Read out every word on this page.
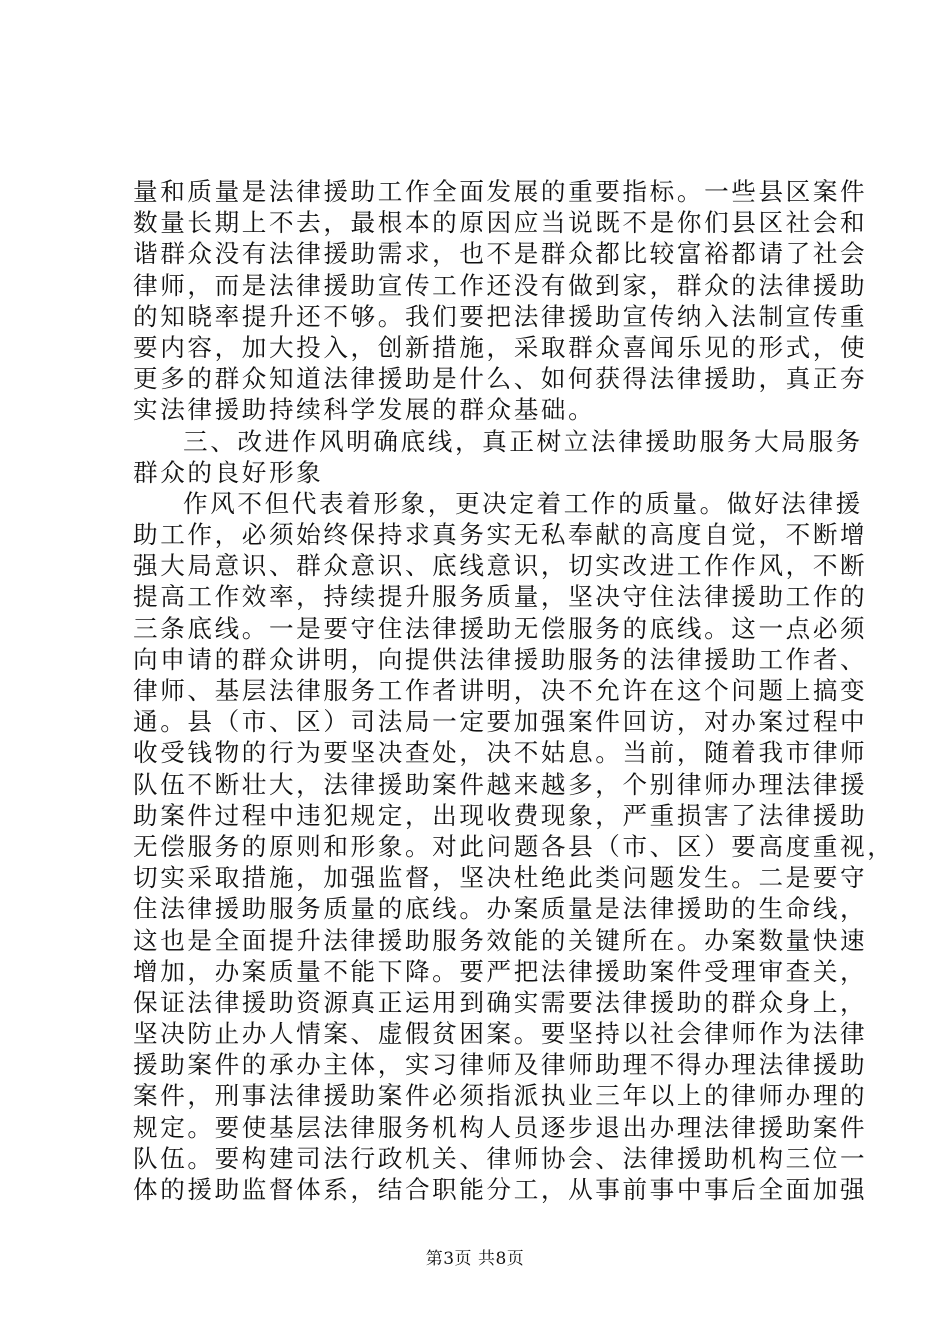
量和质量是法律援助工作全面发展的重要指标。一些县区案件
数量长期上不去，最根本的原因应当说既不是你们县区社会和
谐群众没有法律援助需求，也不是群众都比较富裕都请了社会
律师，而是法律援助宣传工作还没有做到家，群众的法律援助
的知晓率提升还不够。我们要把法律援助宣传纳入法制宣传重
要内容，加大投入，创新措施，采取群众喜闻乐见的形式，使
更多的群众知道法律援助是什么、如何获得法律援助，真正夯
实法律援助持续科学发展的群众基础。
三、改进作风明确底线，真正树立法律援助服务大局服务
群众的良好形象
作风不但代表着形象，更决定着工作的质量。做好法律援
助工作，必须始终保持求真务实无私奉献的高度自觉，不断增
强大局意识、群众意识、底线意识，切实改进工作作风，不断
提高工作效率，持续提升服务质量，坚决守住法律援助工作的
三条底线。一是要守住法律援助无偿服务的底线。这一点必须
向申请的群众讲明，向提供法律援助服务的法律援助工作者、
律师、基层法律服务工作者讲明，决不允许在这个问题上搞变
通。县（市、区）司法局一定要加强案件回访，对办案过程中
收受钱物的行为要坚决查处，决不姑息。当前，随着我市律师
队伍不断壮大，法律援助案件越来越多，个别律师办理法律援
助案件过程中违犯规定，出现收费现象，严重损害了法律援助
无偿服务的原则和形象。对此问题各县（市、区）要高度重视，
切实采取措施，加强监督，坚决杜绝此类问题发生。二是要守
住法律援助服务质量的底线。办案质量是法律援助的生命线，
这也是全面提升法律援助服务效能的关键所在。办案数量快速
增加，办案质量不能下降。要严把法律援助案件受理审查关，
保证法律援助资源真正运用到确实需要法律援助的群众身上，
坚决防止办人情案、虚假贫困案。要坚持以社会律师作为法律
援助案件的承办主体，实习律师及律师助理不得办理法律援助
案件，刑事法律援助案件必须指派执业三年以上的律师办理的
规定。要使基层法律服务机构人员逐步退出办理法律援助案件
队伍。要构建司法行政机关、律师协会、法律援助机构三位一
体的援助监督体系，结合职能分工，从事前事中事后全面加强
第3页 共8页
